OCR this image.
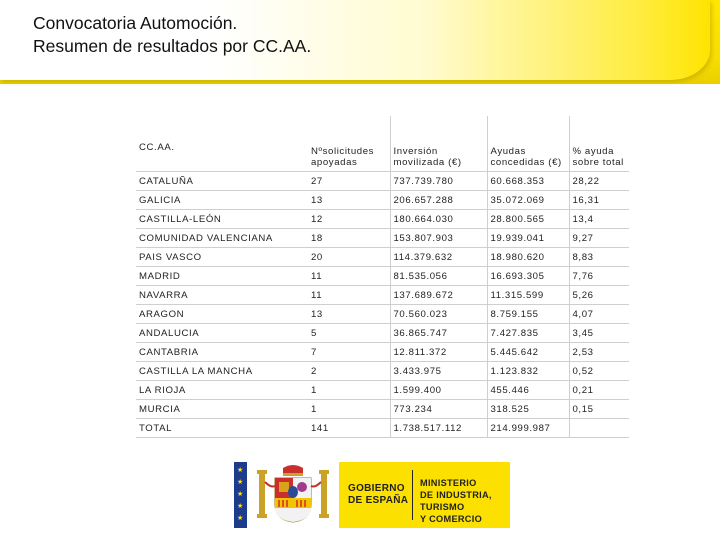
Convocatoria Automoción.
Resumen de resultados por CC.AA.
CC.AA.	Nºsolicitudes apoyadas	Inversión movilizada (€)	Ayudas concedidas (€)	% ayuda sobre total
CATALUÑA	27	737.739.780	60.668.353	28,22
GALICIA	13	206.657.288	35.072.069	16,31
CASTILLA-LEÓN	12	180.664.030	28.800.565	13,4
COMUNIDAD VALENCIANA	18	153.807.903	19.939.041	9,27
PAIS VASCO	20	114.379.632	18.980.620	8,83
MADRID	11	81.535.056	16.693.305	7,76
NAVARRA	11	137.689.672	11.315.599	5,26
ARAGON	13	70.560.023	8.759.155	4,07
ANDALUCIA	5	36.865.747	7.427.835	3,45
CANTABRIA	7	12.811.372	5.445.642	2,53
CASTILLA LA MANCHA	2	3.433.975	1.123.832	0,52
LA RIOJA	1	1.599.400	455.446	0,21
MURCIA	1	773.234	318.525	0,15
TOTAL	141	1.738.517.112	214.999.987	
★
★
★
★
★
GOBIERNO
DE ESPAÑA
MINISTERIO
DE INDUSTRIA, TURISMO
Y COMERCIO
